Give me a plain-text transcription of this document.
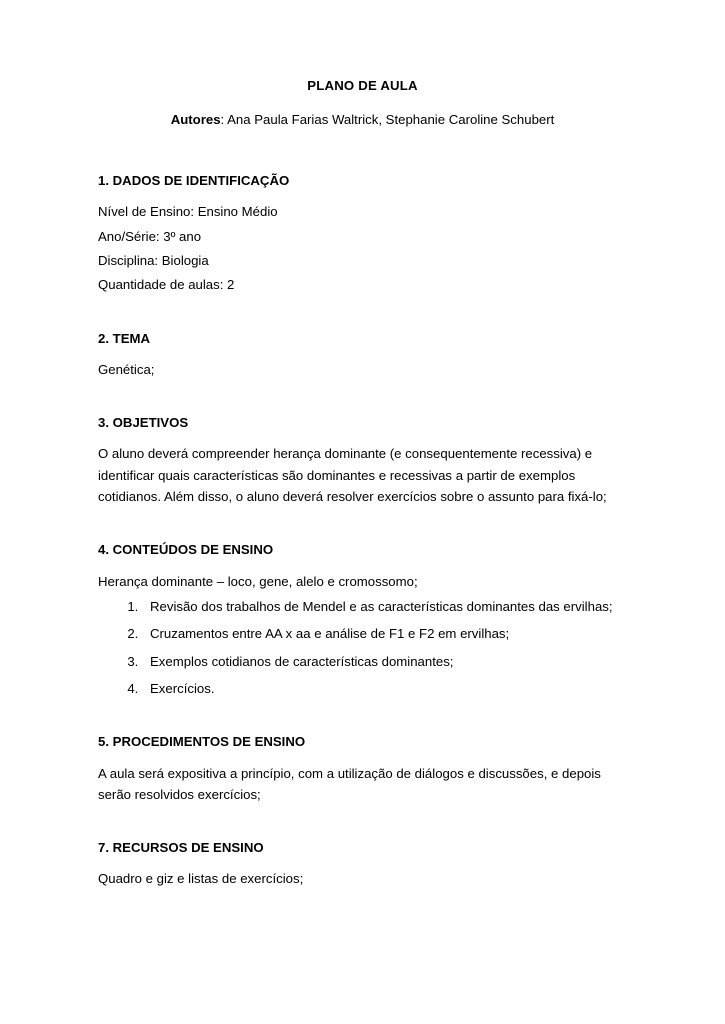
PLANO DE AULA

Autores: Ana Paula Farias Waltrick, Stephanie Caroline Schubert

1. DADOS DE IDENTIFICAÇÃO

Nível de Ensino: Ensino Médio

Ano/Série: 3º ano

Disciplina: Biologia

Quantidade de aulas: 2

2. TEMA

Genética;

3. OBJETIVOS

O aluno deverá compreender herança dominante (e consequentemente recessiva) e identificar quais características são dominantes e recessivas a partir de exemplos cotidianos. Além disso, o aluno deverá resolver exercícios sobre o assunto para fixá-lo;

4. CONTEÚDOS DE ENSINO

Herança dominante – loco, gene, alelo e cromossomo;

1. Revisão dos trabalhos de Mendel e as características dominantes das ervilhas;
2. Cruzamentos entre AA x aa e análise de F1 e F2 em ervilhas;
3. Exemplos cotidianos de características dominantes;
4. Exercícios.
5. PROCEDIMENTOS DE ENSINO

A aula será expositiva a princípio, com a utilização de diálogos e discussões, e depois serão resolvidos exercícios;

7. RECURSOS DE ENSINO

Quadro e giz e listas de exercícios;
